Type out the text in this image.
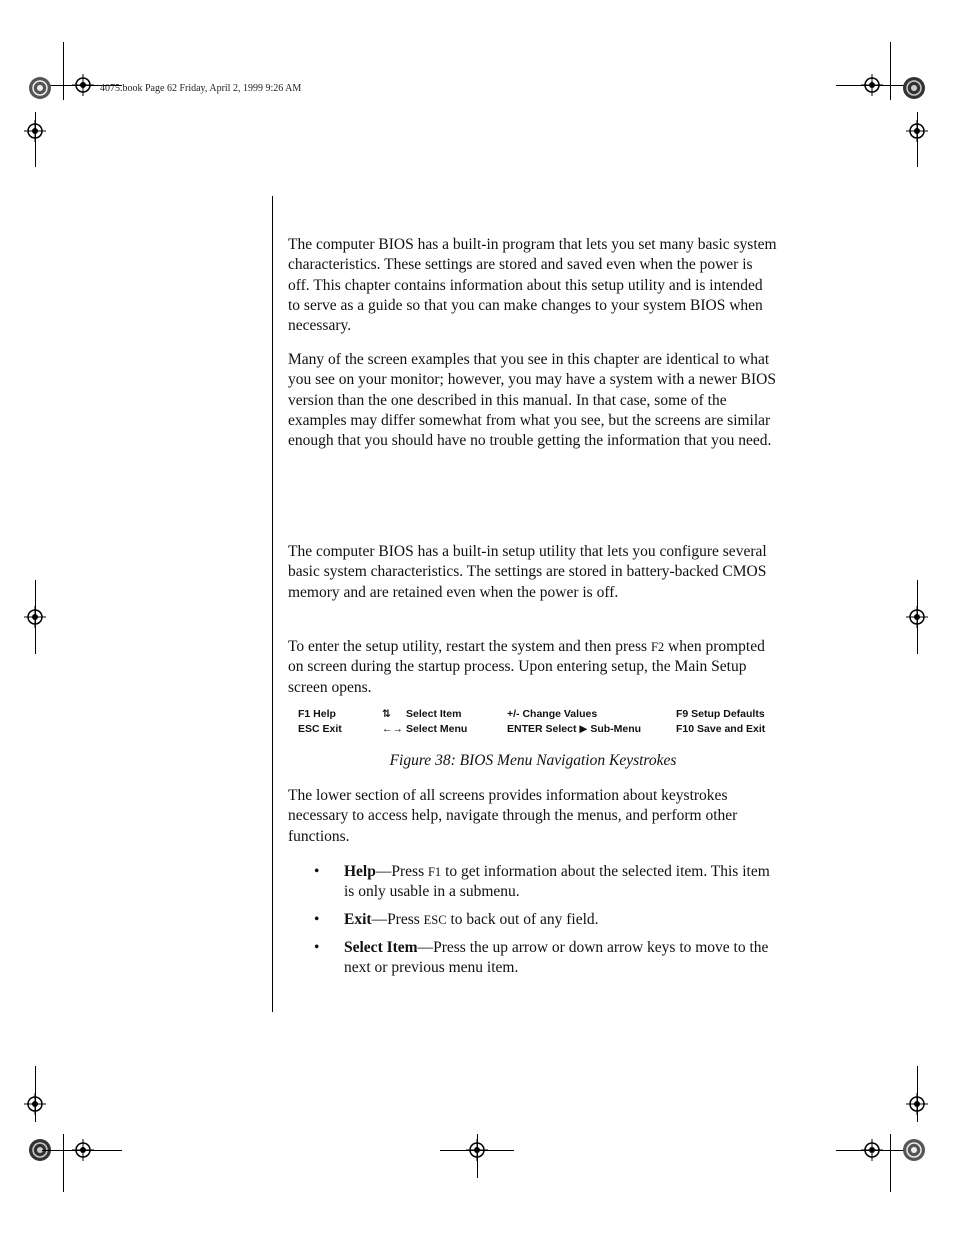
4075.book Page 62 Friday, April 2, 1999 9:26 AM

The computer BIOS has a built-in program that lets you set many basic system characteristics. These settings are stored and saved even when the power is off. This chapter contains information about this setup utility and is intended to serve as a guide so that you can make changes to your system BIOS when necessary.

Many of the screen examples that you see in this chapter are identical to what you see on your monitor; however, you may have a system with a newer BIOS version than the one described in this manual. In that case, some of the examples may differ somewhat from what you see, but the screens are similar enough that you should have no trouble getting the information that you need.

The computer BIOS has a built-in setup utility that lets you configure several basic system characteristics. The settings are stored in battery-backed CMOS memory and are retained even when the power is off.

To enter the setup utility, restart the system and then press F2 when prompted on screen during the startup process. Upon entering setup, the Main Setup screen opens.

F1 Help	⇅ Select Item	+/- Change Values	F9 Setup Defaults
ESC Exit	←→ Select Menu	ENTER Select ▶ Sub-Menu	F10 Save and Exit
Figure 38: BIOS Menu Navigation Keystrokes

The lower section of all screens provides information about keystrokes necessary to access help, navigate through the menus, and perform other functions.

• Help—Press F1 to get information about the selected item. This item is only usable in a submenu.
• Exit—Press ESC to back out of any field.
• Select Item—Press the up arrow or down arrow keys to move to the next or previous menu item.
